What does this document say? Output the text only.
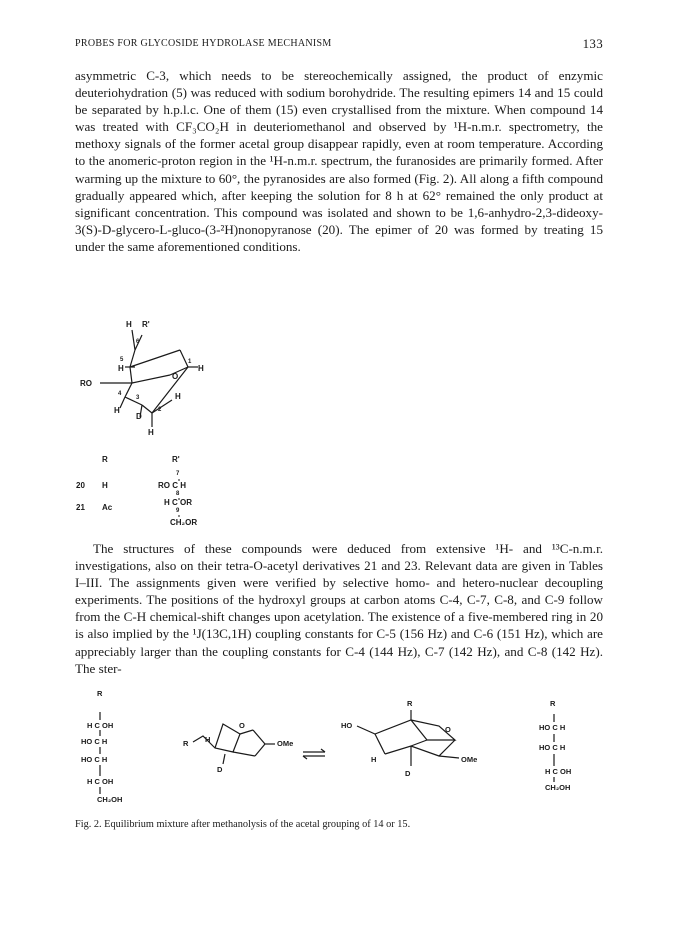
PROBES FOR GLYCOSIDE HYDROLASE MECHANISM	133

asymmetric C-3, which needs to be stereochemically assigned, the product of enzymic deuteriohydration (5) was reduced with sodium borohydride. The resulting epimers 14 and 15 could be separated by h.p.l.c. One of them (15) even crystallised from the mixture. When compound 14 was treated with CF₃CO₂H in deuteriomethanol and observed by ¹H-n.m.r. spectrometry, the methoxy signals of the former acetal group disappear rapidly, even at room temperature. According to the anomeric-proton region in the ¹H-n.m.r. spectrum, the furanosides are primarily formed. After warming up the mixture to 60°, the pyranosides are also formed (Fig. 2). All along a fifth compound gradually appeared which, after keeping the solution for 8 h at 62° remained the only product at significant concentration. This compound was isolated and shown to be 1,6-anhydro-2,3-dideoxy-3(S)-D-glycero-L-gluco-(3-²H)nonopyranose (20). The epimer of 20 was formed by treating 15 under the same aforementioned conditions.

H R'
6
5	1
H
O
H
RO
4
3
H
D
2
H
H
R	R'
20 H
21 Ac
7
RO C H
8
H C OR
9
CH₂OR

The structures of these compounds were deduced from extensive ¹H- and ¹³C-n.m.r. investigations, also on their tetra-O-acetyl derivatives 21 and 23. Relevant data are given in Tables I–III. The assignments given were verified by selective homo- and hetero-nuclear decoupling experiments. The positions of the hydroxyl groups at carbon atoms C-4, C-7, C-8, and C-9 follow from the C-H chemical-shift changes upon acetylation. The existence of a five-membered ring in 20 is also implied by the ¹J(13C,1H) coupling constants for C-5 (156 Hz) and C-6 (151 Hz), which are appreciably larger than the coupling constants for C-4 (144 Hz), C-7 (142 Hz), and C-8 (142 Hz). The ster-

R
H C OH
HO C H
HO C H
H C OH
CH₂OH
R H
O
OMe
D
R
HO	O
H	OMe
D
R
HO C H
HO C H
H C OH
CH₂OH
Fig. 2. Equilibrium mixture after methanolysis of the acetal grouping of 14 or 15.
